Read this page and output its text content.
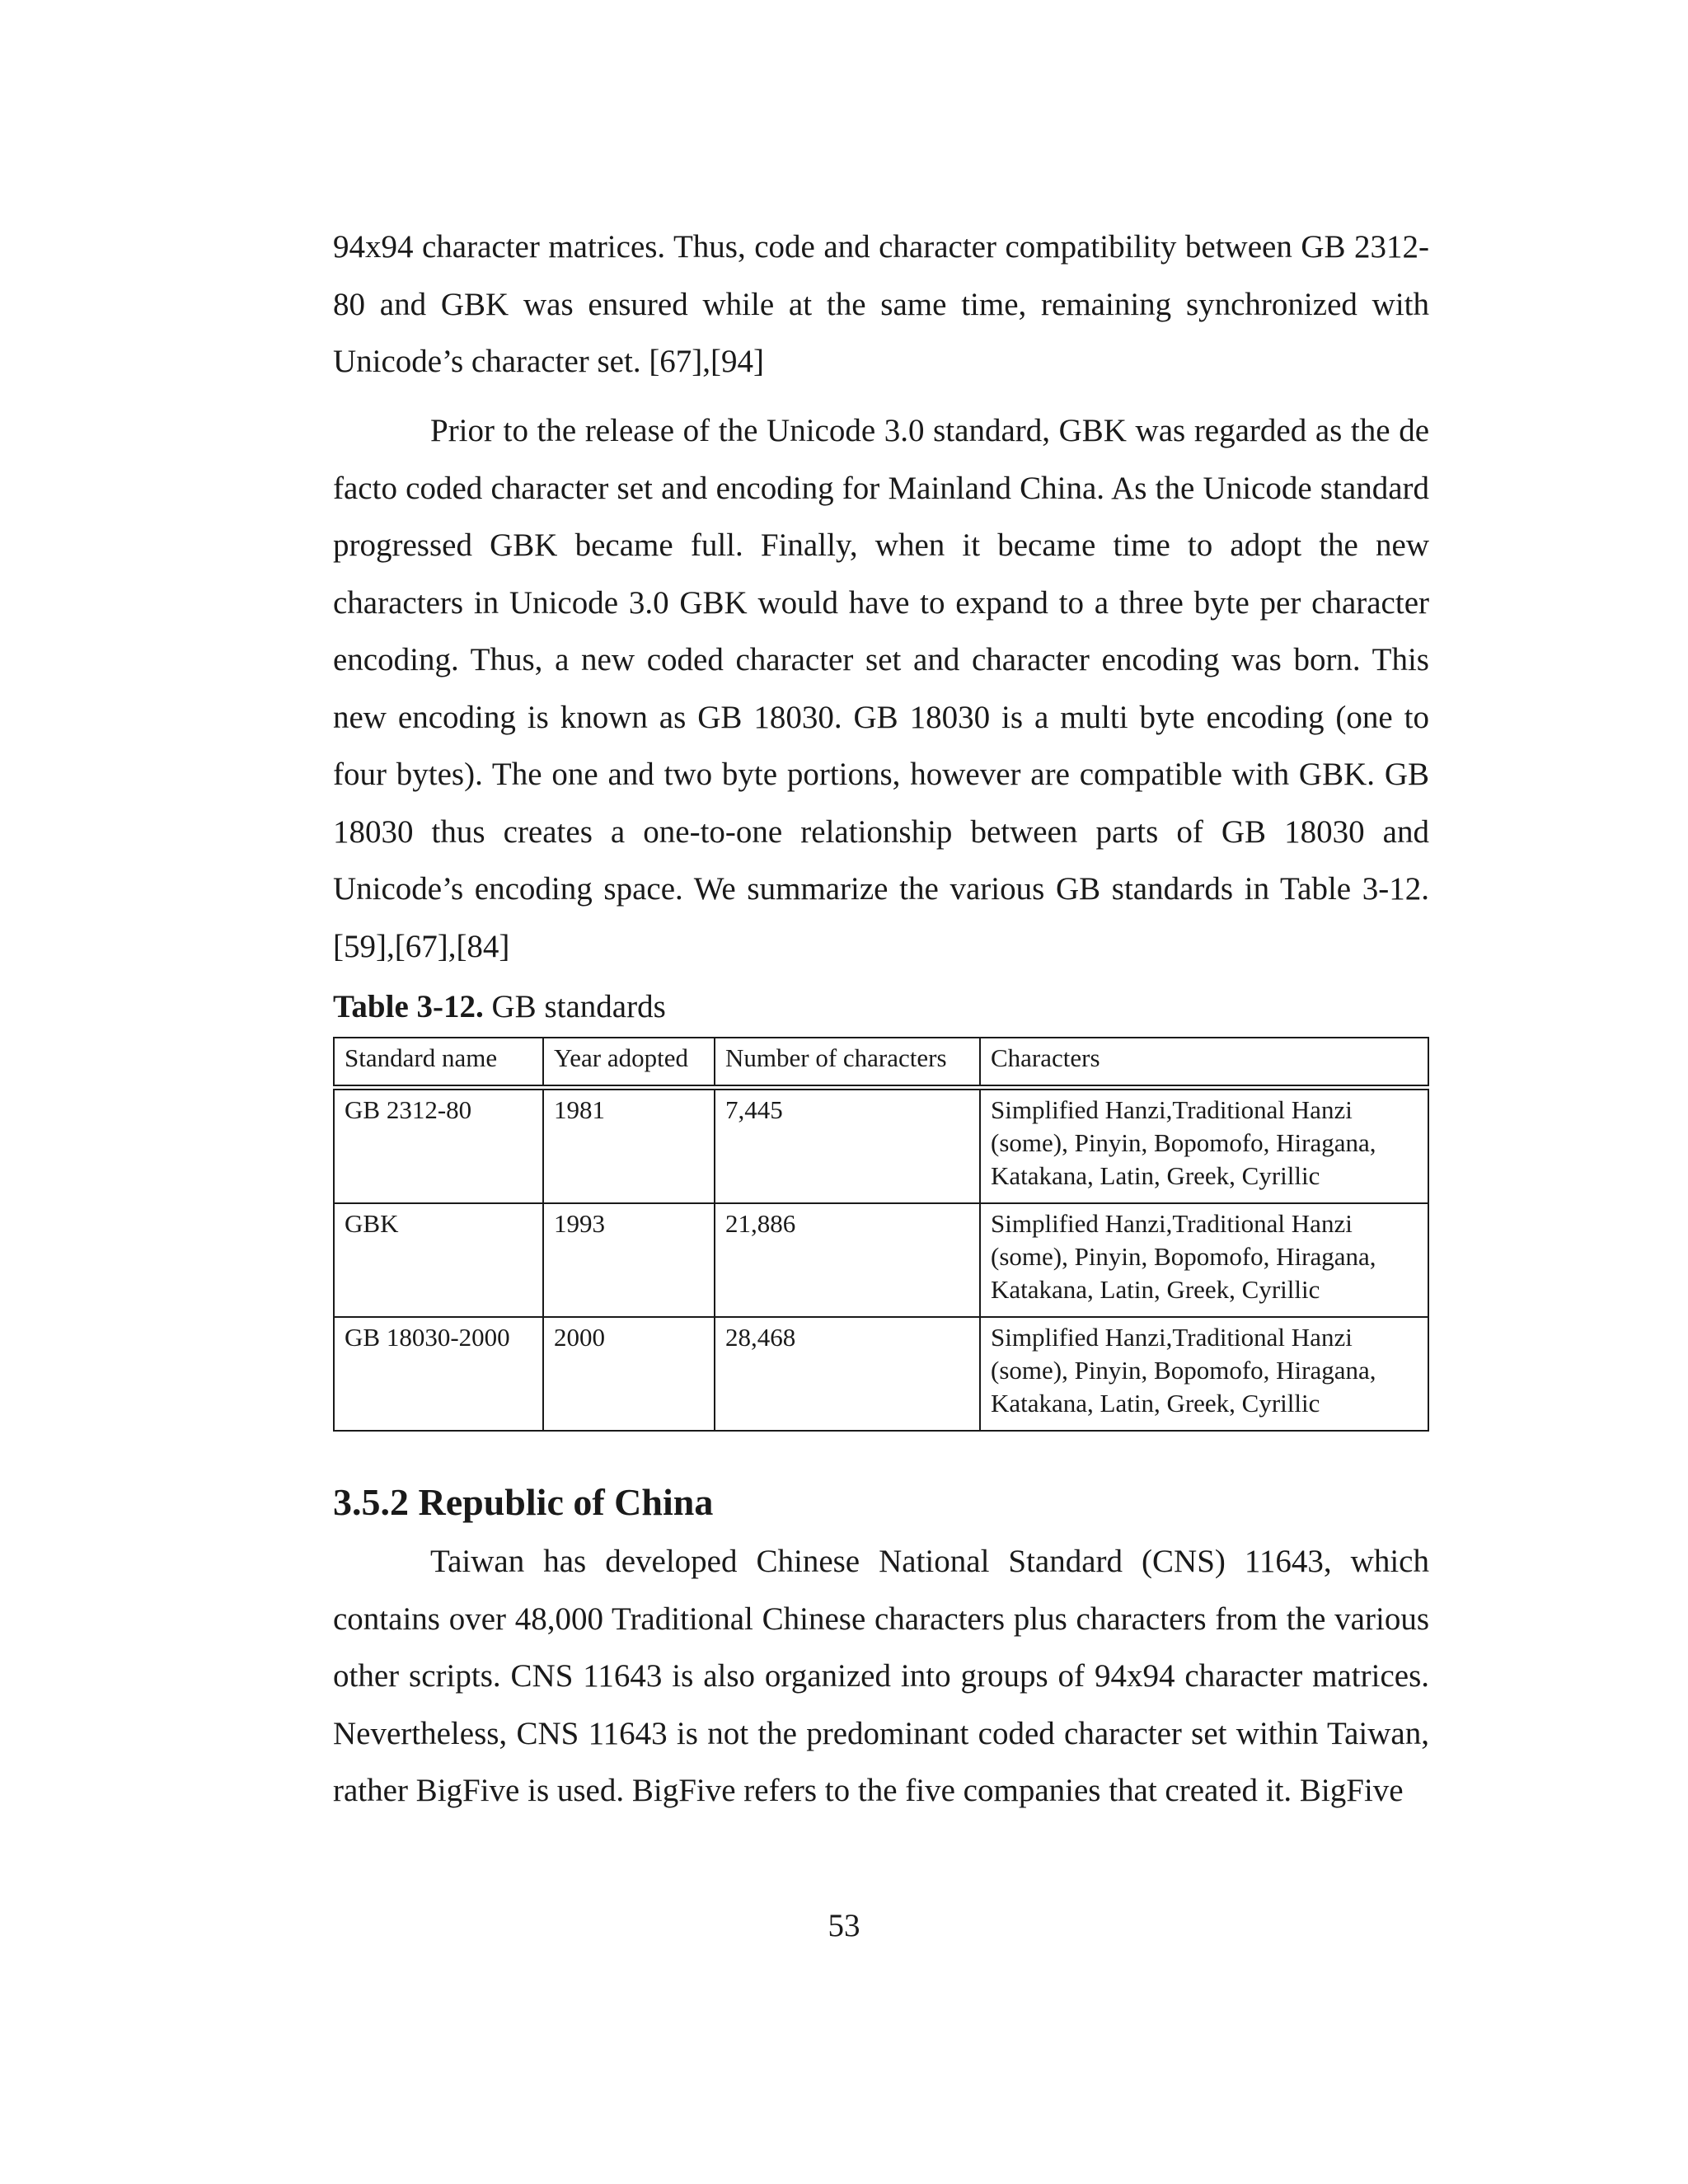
94x94 character matrices. Thus, code and character compatibility between GB 2312-80 and GBK was ensured while at the same time, remaining synchronized with Unicode’s character set. [67],[94]

Prior to the release of the Unicode 3.0 standard, GBK was regarded as the de facto coded character set and encoding for Mainland China. As the Unicode standard progressed GBK became full. Finally, when it became time to adopt the new characters in Unicode 3.0 GBK would have to expand to a three byte per character encoding. Thus, a new coded character set and character encoding was born. This new encoding is known as GB 18030. GB 18030 is a multi byte encoding (one to four bytes). The one and two byte portions, however are compatible with GBK. GB 18030 thus creates a one-to-one relationship between parts of GB 18030 and Unicode’s encoding space. We summarize the various GB standards in Table 3-12. [59],[67],[84]

Table 3-12. GB standards

Standard name	Year adopted	Number of characters	Characters
GB 2312-80	1981	7,445	Simplified Hanzi,Traditional Hanzi (some), Pinyin, Bopomofo, Hiragana, Katakana, Latin, Greek, Cyrillic
GBK	1993	21,886	Simplified Hanzi,Traditional Hanzi (some), Pinyin, Bopomofo, Hiragana, Katakana, Latin, Greek, Cyrillic
GB 18030-2000	2000	28,468	Simplified Hanzi,Traditional Hanzi (some), Pinyin, Bopomofo, Hiragana, Katakana, Latin, Greek, Cyrillic
3.5.2 Republic of China

Taiwan has developed Chinese National Standard (CNS) 11643, which contains over 48,000 Traditional Chinese characters plus characters from the various other scripts. CNS 11643 is also organized into groups of 94x94 character matrices. Nevertheless, CNS 11643 is not the predominant coded character set within Taiwan, rather BigFive is used. BigFive refers to the five companies that created it. BigFive

53
